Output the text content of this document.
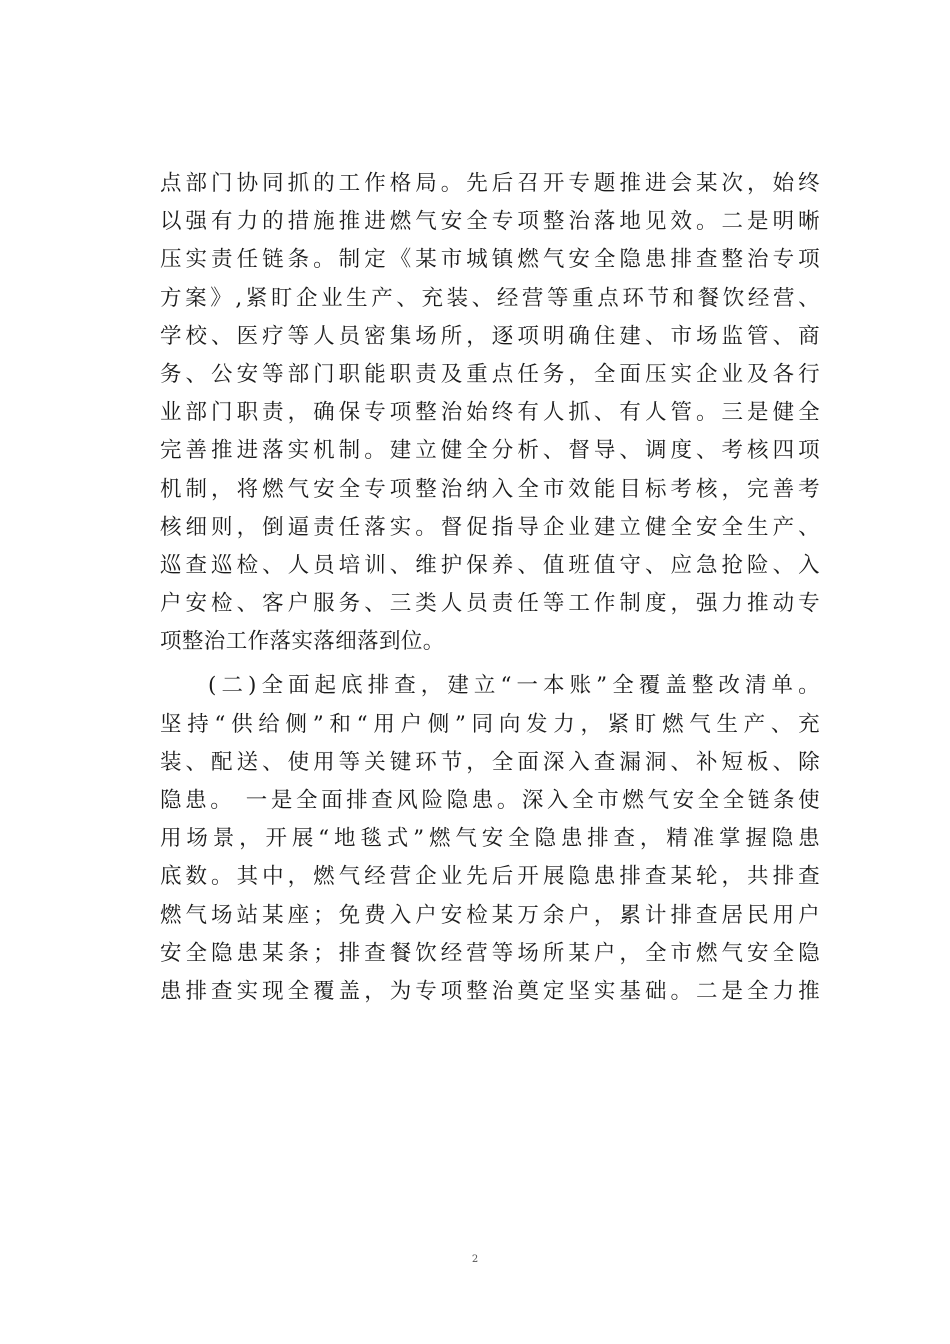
点部门协同抓的工作格局。先后召开专题推进会某次，始终
以强有力的措施推进燃气安全专项整治落地见效。二是明晰
压实责任链条。制定《某市城镇燃气安全隐患排查整治专项
方案》,紧盯企业生产、充装、经营等重点环节和餐饮经营、
学校、医疗等人员密集场所，逐项明确住建、市场监管、商
务、公安等部门职能职责及重点任务，全面压实企业及各行
业部门职责，确保专项整治始终有人抓、有人管。三是健全
完善推进落实机制。建立健全分析、督导、调度、考核四项
机制，将燃气安全专项整治纳入全市效能目标考核，完善考
核细则，倒逼责任落实。督促指导企业建立健全安全生产、
巡查巡检、人员培训、维护保养、值班值守、应急抢险、入
户安检、客户服务、三类人员责任等工作制度，强力推动专
项整治工作落实落细落到位。
(二)全面起底排查，建立“一本账”全覆盖整改清单。
坚持“供给侧”和“用户侧”同向发力，紧盯燃气生产、充
装、配送、使用等关键环节，全面深入查漏洞、补短板、除
隐患。 一是全面排查风险隐患。深入全市燃气安全全链条使
用场景，开展“地毯式”燃气安全隐患排查，精准掌握隐患
底数。其中，燃气经营企业先后开展隐患排查某轮，共排查
燃气场站某座；免费入户安检某万余户，累计排查居民用户
安全隐患某条；排查餐饮经营等场所某户，全市燃气安全隐
患排查实现全覆盖，为专项整治奠定坚实基础。二是全力推
2
